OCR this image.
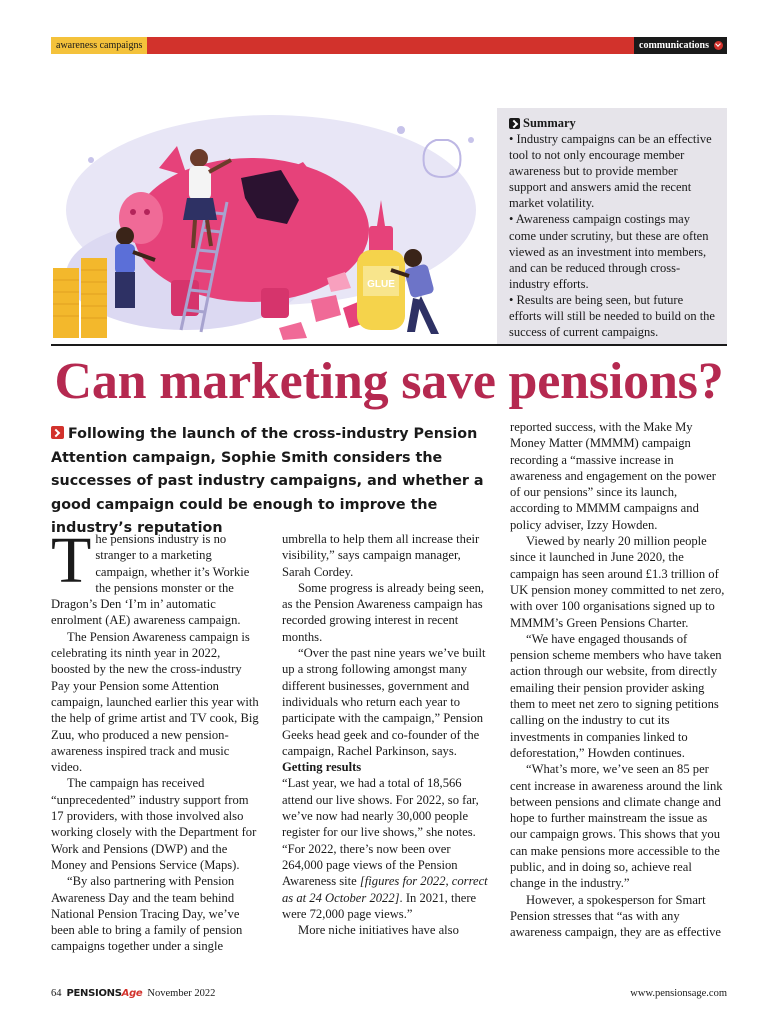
awareness campaigns	communications
GLUE
Summary

• Industry campaigns can be an effective tool to not only encourage member awareness but to provide member support and answers amid the recent market volatility.

• Awareness campaign costings may come under scrutiny, but these are often viewed as an investment into members, and can be reduced through cross-industry efforts.

• Results are being seen, but future efforts will still be needed to build on the success of current campaigns.

Can marketing save pensions?
Following the launch of the cross-industry Pension Attention campaign, Sophie Smith considers the successes of past industry campaigns, and whether a good campaign could be enough to improve the industry’s reputation

The pensions industry is no stranger to a marketing campaign, whether it’s Workie the pensions monster or the Dragon’s Den ‘I’m in’ automatic enrolment (AE) awareness campaign.

The Pension Awareness campaign is celebrating its ninth year in 2022, boosted by the new the cross-industry Pay your Pension some Attention campaign, launched earlier this year with the help of grime artist and TV cook, Big Zuu, who produced a new pension-awareness inspired track and music video.

The campaign has received “unprecedented” industry support from 17 providers, with those involved also working closely with the Department for Work and Pensions (DWP) and the Money and Pensions Service (Maps).

“By also partnering with Pension Awareness Day and the team behind National Pension Tracing Day, we’ve been able to bring a family of pension campaigns together under a single

umbrella to help them all increase their visibility,” says campaign manager, Sarah Cordey.

Some progress is already being seen, as the Pension Awareness campaign has recorded growing interest in recent months.

“Over the past nine years we’ve built up a strong following amongst many different businesses, government and individuals who return each year to participate with the campaign,” Pension Geeks head geek and co-founder of the campaign, Rachel Parkinson, says.

Getting results

“Last year, we had a total of 18,566 attend our live shows. For 2022, so far, we’ve now had nearly 30,000 people register for our live shows,” she notes. “For 2022, there’s now been over 264,000 page views of the Pension Awareness site [figures for 2022, correct as at 24 October 2022]. In 2021, there were 72,000 page views.”

More niche initiatives have also

reported success, with the Make My Money Matter (MMMM) campaign recording a “massive increase in awareness and engagement on the power of our pensions” since its launch, according to MMMM campaigns and policy adviser, Izzy Howden.

Viewed by nearly 20 million people since it launched in June 2020, the campaign has seen around £1.3 trillion of UK pension money committed to net zero, with over 100 organisations signed up to MMMM’s Green Pensions Charter.

“We have engaged thousands of pension scheme members who have taken action through our website, from directly emailing their pension provider asking them to meet net zero to signing petitions calling on the industry to cut its investments in companies linked to deforestation,” Howden continues.

“What’s more, we’ve seen an 85 per cent increase in awareness around the link between pensions and climate change and hope to further mainstream the issue as our campaign grows. This shows that you can make pensions more accessible to the public, and in doing so, achieve real change in the industry.”

However, a spokesperson for Smart Pension stresses that “as with any awareness campaign, they are as effective

64 PENSIONSAge November 2022	www.pensionsage.com
